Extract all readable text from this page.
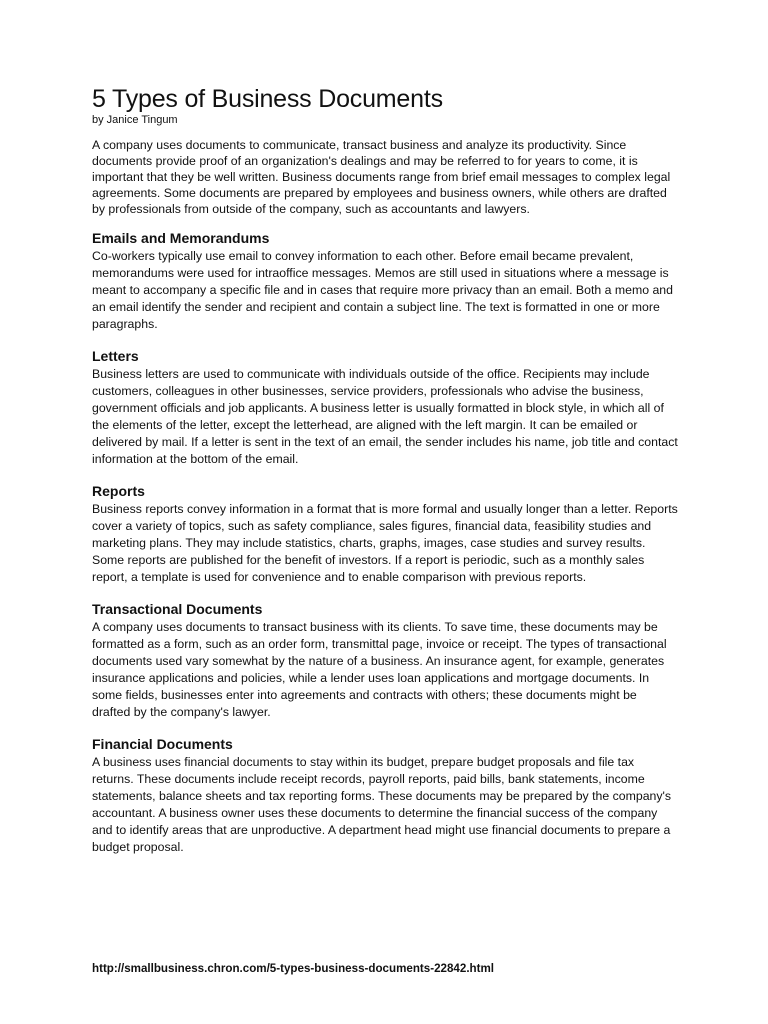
5 Types of Business Documents

by Janice Tingum

A company uses documents to communicate, transact business and analyze its productivity. Since documents provide proof of an organization's dealings and may be referred to for years to come, it is important that they be well written. Business documents range from brief email messages to complex legal agreements. Some documents are prepared by employees and business owners, while others are drafted by professionals from outside of the company, such as accountants and lawyers.

Emails and Memorandums

Co-workers typically use email to convey information to each other. Before email became prevalent, memorandums were used for intraoffice messages. Memos are still used in situations where a message is meant to accompany a specific file and in cases that require more privacy than an email. Both a memo and an email identify the sender and recipient and contain a subject line. The text is formatted in one or more paragraphs.

Letters

Business letters are used to communicate with individuals outside of the office. Recipients may include customers, colleagues in other businesses, service providers, professionals who advise the business, government officials and job applicants. A business letter is usually formatted in block style, in which all of the elements of the letter, except the letterhead, are aligned with the left margin. It can be emailed or delivered by mail. If a letter is sent in the text of an email, the sender includes his name, job title and contact information at the bottom of the email.

Reports

Business reports convey information in a format that is more formal and usually longer than a letter. Reports cover a variety of topics, such as safety compliance, sales figures, financial data, feasibility studies and marketing plans. They may include statistics, charts, graphs, images, case studies and survey results. Some reports are published for the benefit of investors. If a report is periodic, such as a monthly sales report, a template is used for convenience and to enable comparison with previous reports.

Transactional Documents

A company uses documents to transact business with its clients. To save time, these documents may be formatted as a form, such as an order form, transmittal page, invoice or receipt. The types of transactional documents used vary somewhat by the nature of a business. An insurance agent, for example, generates insurance applications and policies, while a lender uses loan applications and mortgage documents. In some fields, businesses enter into agreements and contracts with others; these documents might be drafted by the company's lawyer.

Financial Documents

A business uses financial documents to stay within its budget, prepare budget proposals and file tax returns. These documents include receipt records, payroll reports, paid bills, bank statements, income statements, balance sheets and tax reporting forms. These documents may be prepared by the company's accountant. A business owner uses these documents to determine the financial success of the company and to identify areas that are unproductive. A department head might use financial documents to prepare a budget proposal.

http://smallbusiness.chron.com/5-types-business-documents-22842.html
